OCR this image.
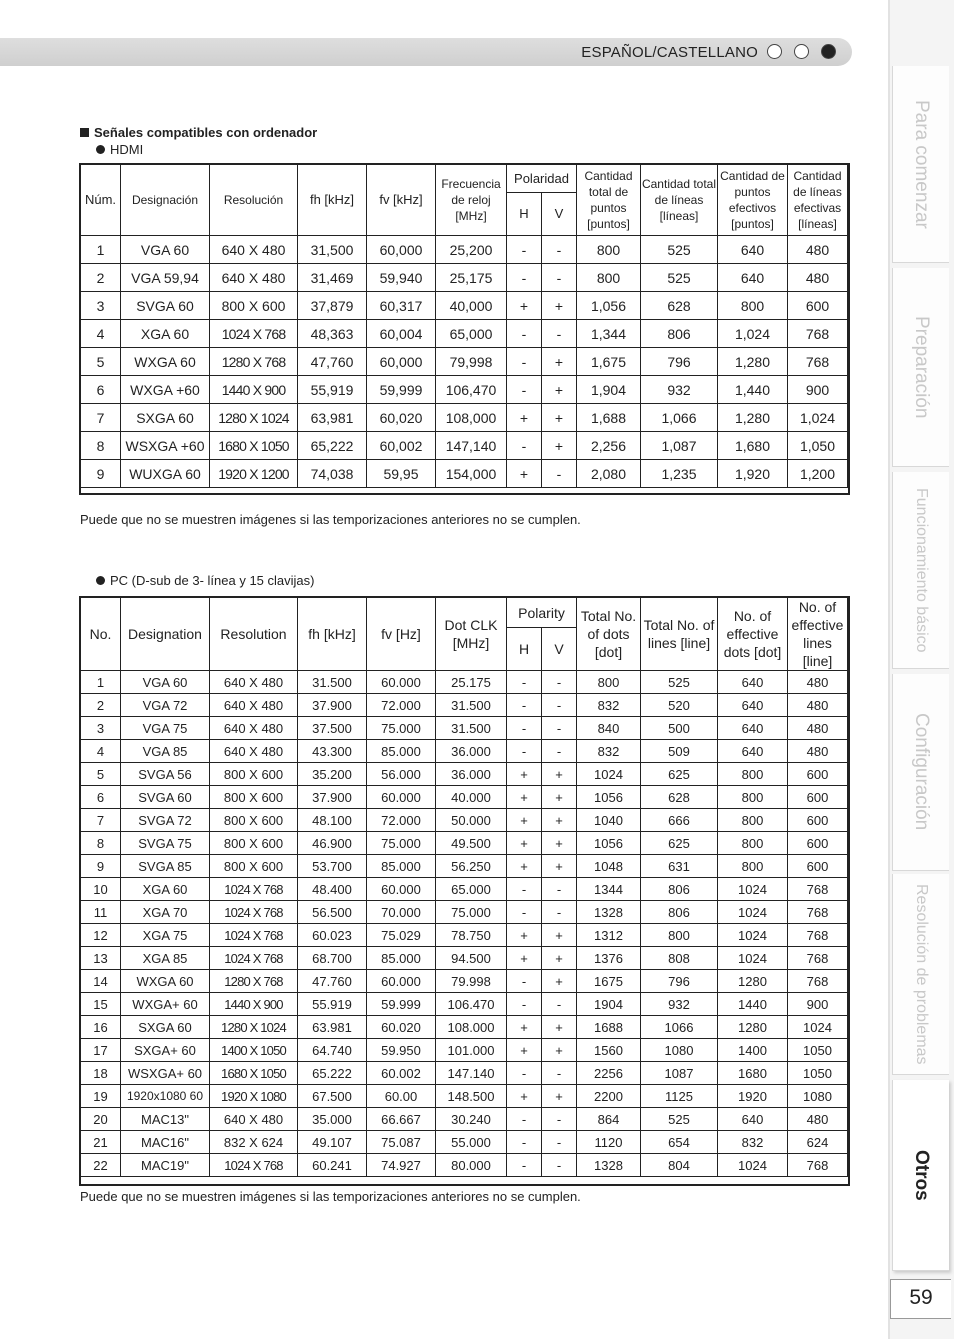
ESPAÑOL/CASTELLANO
Para comenzar
Preparación
Funcionamiento básico
Configuración
Resolución de problemas
Otros
59
Señales compatibles con ordenador
HDMI
Núm.	Designación	Resolución	fh [kHz]	fv [kHz]	Frecuencia de reloj [MHz]	Polaridad		Cantidad total de puntos [puntos]	Cantidad total de líneas [líneas]	Cantidad de puntos efectivos [puntos]	Cantidad de líneas efectivas [líneas]
						H	V				
1	VGA 60	640 X 480	31,500	60,000	25,200	-	-	800	525	640	480
2	VGA 59,94	640 X 480	31,469	59,940	25,175	-	-	800	525	640	480
3	SVGA 60	800 X 600	37,879	60,317	40,000	+	+	1,056	628	800	600
4	XGA 60	1024 X 768	48,363	60,004	65,000	-	-	1,344	806	1,024	768
5	WXGA 60	1280 X 768	47,760	60,000	79,998	-	+	1,675	796	1,280	768
6	WXGA +60	1440 X 900	55,919	59,999	106,470	-	+	1,904	932	1,440	900
7	SXGA 60	1280 X 1024	63,981	60,020	108,000	+	+	1,688	1,066	1,280	1,024
8	WSXGA +60	1680 X 1050	65,222	60,002	147,140	-	+	2,256	1,087	1,680	1,050
9	WUXGA 60	1920 X 1200	74,038	59,95	154,000	+	-	2,080	1,235	1,920	1,200
Puede que no se muestren imágenes si las temporizaciones anteriores no se cumplen.
PC (D-sub de 3- línea y 15 clavijas)
No.	Designation	Resolution	fh [kHz]	fv [Hz]	Dot CLK [MHz]	Polarity		Total No. of dots [dot]	Total No. of lines [line]	No. of effective dots [dot]	No. of effective lines [line]
						H	V				
1	VGA 60	640 X 480	31.500	60.000	25.175	-	-	800	525	640	480
2	VGA 72	640 X 480	37.900	72.000	31.500	-	-	832	520	640	480
3	VGA 75	640 X 480	37.500	75.000	31.500	-	-	840	500	640	480
4	VGA 85	640 X 480	43.300	85.000	36.000	-	-	832	509	640	480
5	SVGA 56	800 X 600	35.200	56.000	36.000	+	+	1024	625	800	600
6	SVGA 60	800 X 600	37.900	60.000	40.000	+	+	1056	628	800	600
7	SVGA 72	800 X 600	48.100	72.000	50.000	+	+	1040	666	800	600
8	SVGA 75	800 X 600	46.900	75.000	49.500	+	+	1056	625	800	600
9	SVGA 85	800 X 600	53.700	85.000	56.250	+	+	1048	631	800	600
10	XGA 60	1024 X 768	48.400	60.000	65.000	-	-	1344	806	1024	768
11	XGA 70	1024 X 768	56.500	70.000	75.000	-	-	1328	806	1024	768
12	XGA 75	1024 X 768	60.023	75.029	78.750	+	+	1312	800	1024	768
13	XGA 85	1024 X 768	68.700	85.000	94.500	+	+	1376	808	1024	768
14	WXGA 60	1280 X 768	47.760	60.000	79.998	-	+	1675	796	1280	768
15	WXGA+ 60	1440 X 900	55.919	59.999	106.470	-	-	1904	932	1440	900
16	SXGA 60	1280 X 1024	63.981	60.020	108.000	+	+	1688	1066	1280	1024
17	SXGA+ 60	1400 X 1050	64.740	59.950	101.000	+	+	1560	1080	1400	1050
18	WSXGA+ 60	1680 X 1050	65.222	60.002	147.140	-	-	2256	1087	1680	1050
19	1920x1080 60	1920 X 1080	67.500	60.00	148.500	+	+	2200	1125	1920	1080
20	MAC13"	640 X 480	35.000	66.667	30.240	-	-	864	525	640	480
21	MAC16"	832 X 624	49.107	75.087	55.000	-	-	1120	654	832	624
22	MAC19"	1024 X 768	60.241	74.927	80.000	-	-	1328	804	1024	768
Puede que no se muestren imágenes si las temporizaciones anteriores no se cumplen.
